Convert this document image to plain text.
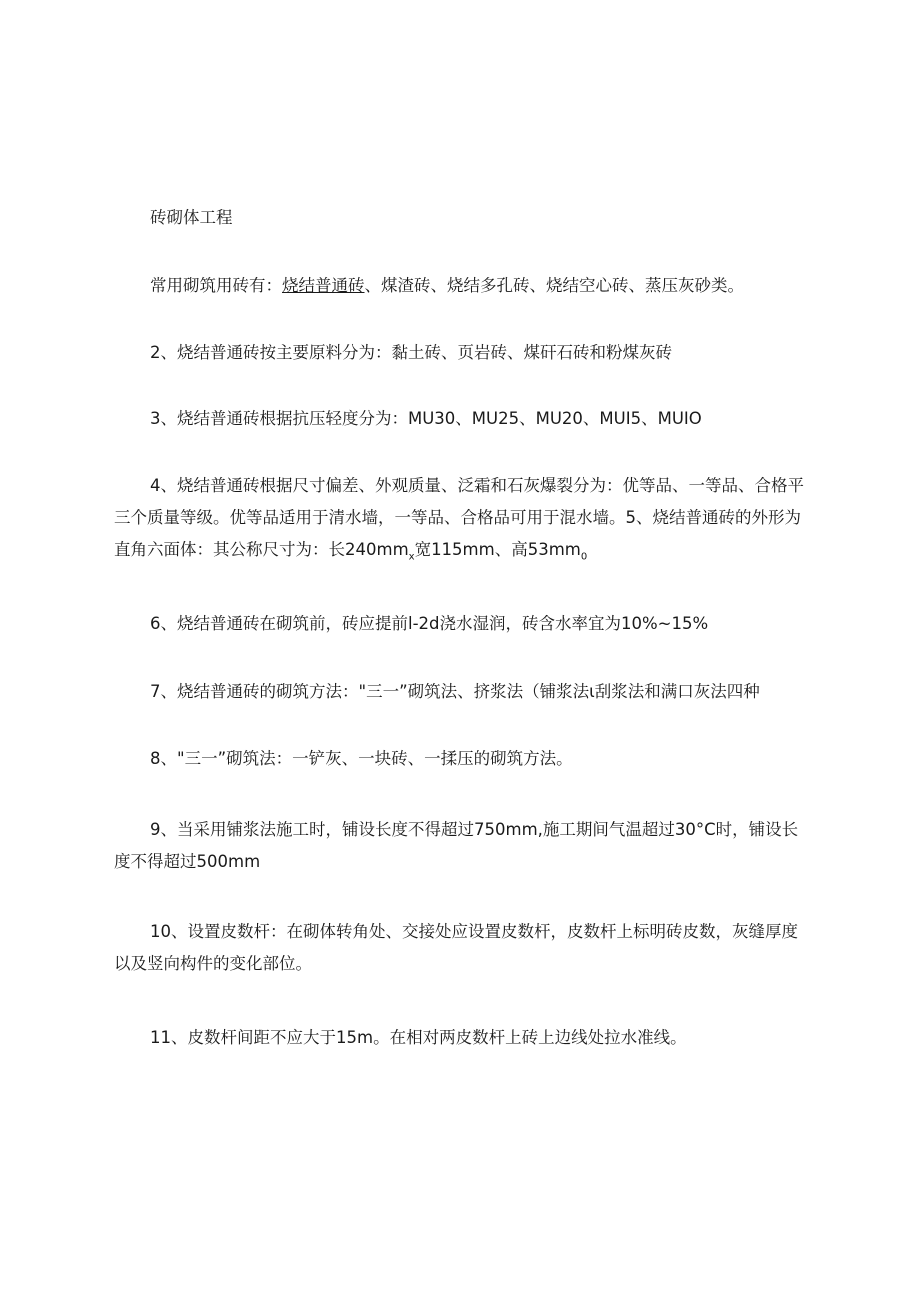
砖砌体工程

常用砌筑用砖有：烧结普通砖、煤渣砖、烧结多孔砖、烧结空心砖、蒸压灰砂类。

2、烧结普通砖按主要原料分为：黏土砖、页岩砖、煤矸石砖和粉煤灰砖

3、烧结普通砖根据抗压轻度分为：MU30、MU25、MU20、MUI5、MUIO

4、烧结普通砖根据尺寸偏差、外观质量、泛霜和石灰爆裂分为：优等品、一等品、合格平三个质量等级。优等品适用于清水墙，一等品、合格品可用于混水墙。5、烧结普通砖的外形为直角六面体：其公称尺寸为：长$240mm_x$宽115mm、高$53mm_0$

6、烧结普通砖在砌筑前，砖应提前l-2d浇水湿润，砖含水率宜为10%~15%

7、烧结普通砖的砌筑方法："三一”砌筑法、挤浆法（铺浆法ι刮浆法和满口灰法四种

8、"三一”砌筑法：一铲灰、一块砖、一揉压的砌筑方法。

9、当采用铺浆法施工时，铺设长度不得超过750mm,施工期间气温超过30°C时，铺设长度不得超过500mm

10、设置皮数杆：在砌体转角处、交接处应设置皮数杆，皮数杆上标明砖皮数，灰缝厚度以及竖向构件的变化部位。

11、皮数杆间距不应大于15m。在相对两皮数杆上砖上边线处拉水准线。
